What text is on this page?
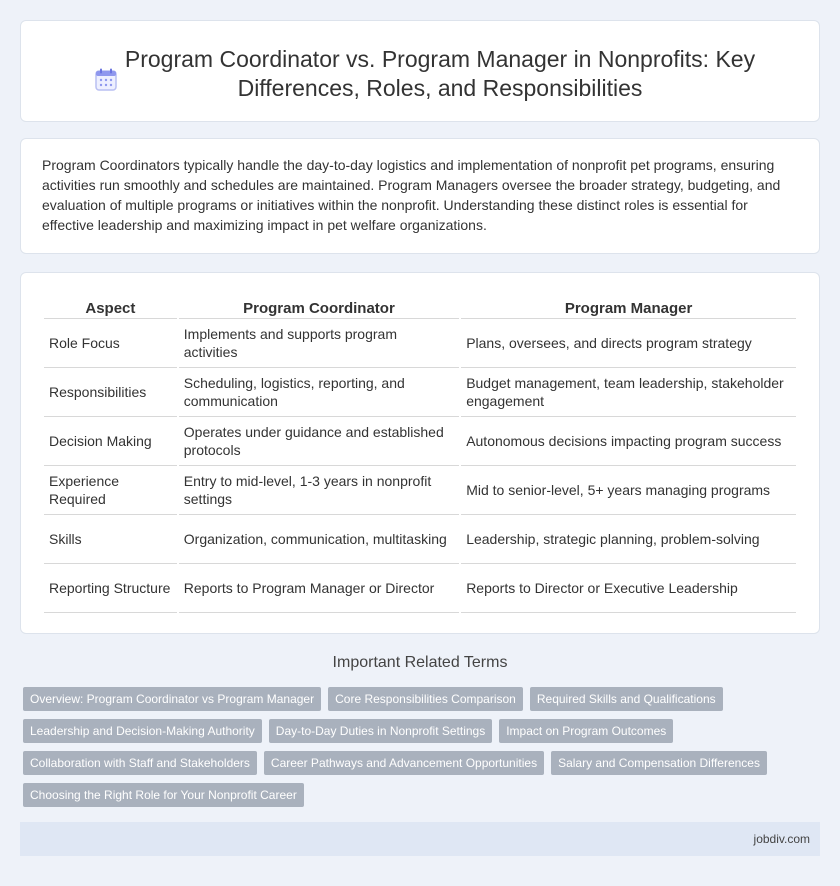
Program Coordinator vs. Program Manager in Nonprofits: Key Differences, Roles, and Responsibilities

Program Coordinators typically handle the day-to-day logistics and implementation of nonprofit pet programs, ensuring activities run smoothly and schedules are maintained. Program Managers oversee the broader strategy, budgeting, and evaluation of multiple programs or initiatives within the nonprofit. Understanding these distinct roles is essential for effective leadership and maximizing impact in pet welfare organizations.

Aspect	Program Coordinator	Program Manager
Role Focus	Implements and supports program activities	Plans, oversees, and directs program strategy
Responsibilities	Scheduling, logistics, reporting, and communication	Budget management, team leadership, stakeholder engagement
Decision Making	Operates under guidance and established protocols	Autonomous decisions impacting program success
Experience Required	Entry to mid-level, 1-3 years in nonprofit settings	Mid to senior-level, 5+ years managing programs
Skills	Organization, communication, multitasking	Leadership, strategic planning, problem-solving
Reporting Structure	Reports to Program Manager or Director	Reports to Director or Executive Leadership
Important Related Terms
Overview: Program Coordinator vs Program Manager	Core Responsibilities Comparison	Required Skills and Qualifications
Leadership and Decision-Making Authority	Day-to-Day Duties in Nonprofit Settings	Impact on Program Outcomes
Collaboration with Staff and Stakeholders	Career Pathways and Advancement Opportunities	Salary and Compensation Differences
Choosing the Right Role for Your Nonprofit Career
jobdiv.com
